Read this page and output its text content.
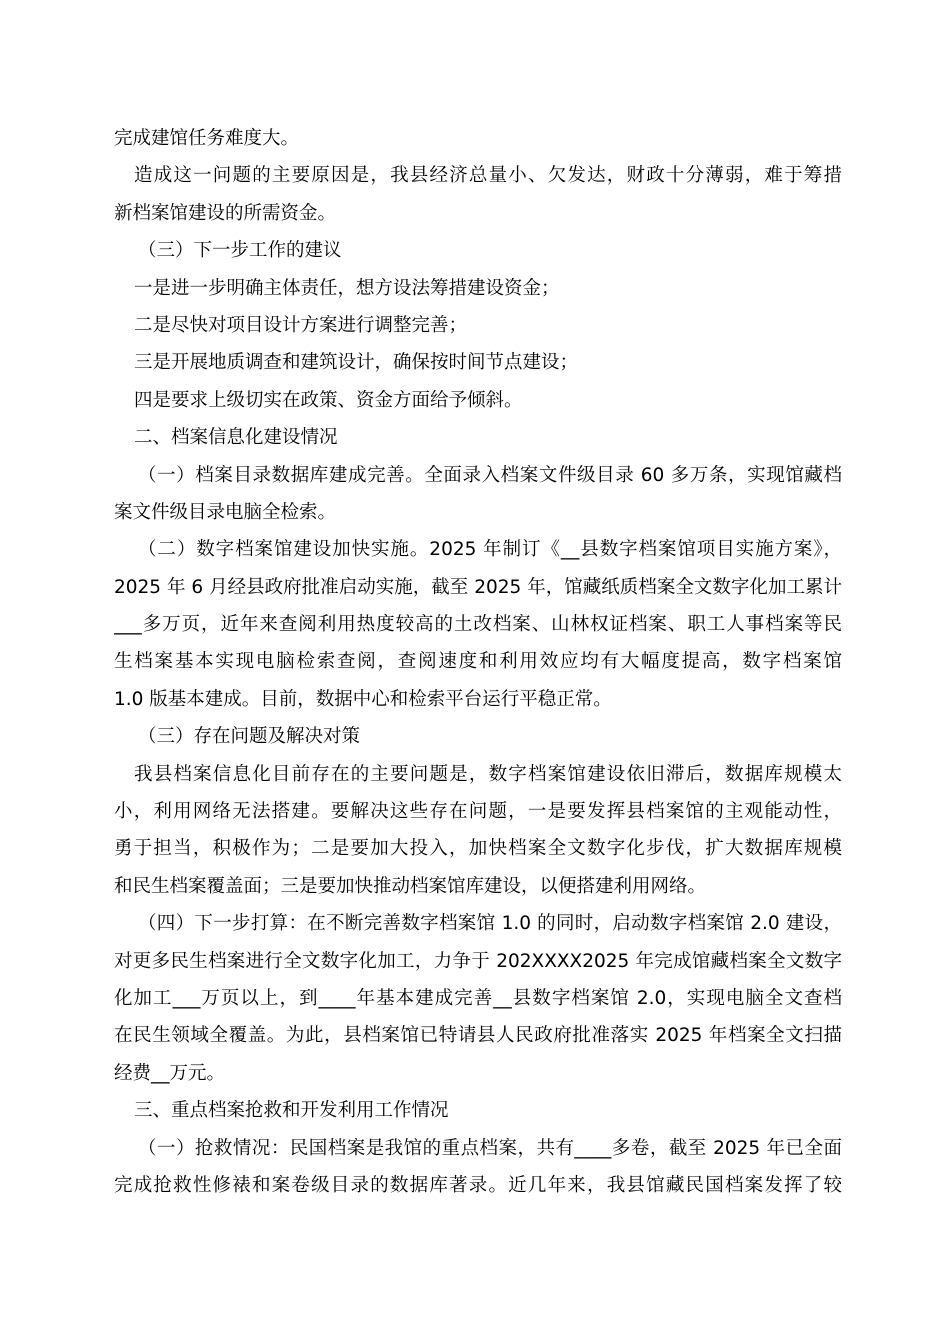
完成建馆任务难度大。
造成这一问题的主要原因是，我县经济总量小、欠发达，财政十分薄弱，难于筹措
新档案馆建设的所需资金。
（三）下一步工作的建议
一是进一步明确主体责任，想方设法筹措建设资金；
二是尽快对项目设计方案进行调整完善；
三是开展地质调查和建筑设计，确保按时间节点建设；
四是要求上级切实在政策、资金方面给予倾斜。
二、档案信息化建设情况
（一）档案目录数据库建成完善。全面录入档案文件级目录 60 多万条，实现馆藏档
案文件级目录电脑全检索。
（二）数字档案馆建设加快实施。2025 年制订《__县数字档案馆项目实施方案》，
2025 年 6 月经县政府批准启动实施，截至 2025 年，馆藏纸质档案全文数字化加工累计
___多万页，近年来查阅利用热度较高的土改档案、山林权证档案、职工人事档案等民
生档案基本实现电脑检索查阅，查阅速度和利用效应均有大幅度提高，数字档案馆
1.0 版基本建成。目前，数据中心和检索平台运行平稳正常。
（三）存在问题及解决对策
我县档案信息化目前存在的主要问题是，数字档案馆建设依旧滞后，数据库规模太
小，利用网络无法搭建。要解决这些存在问题，一是要发挥县档案馆的主观能动性，
勇于担当，积极作为；二是要加大投入，加快档案全文数字化步伐，扩大数据库规模
和民生档案覆盖面；三是要加快推动档案馆库建设，以便搭建利用网络。
（四）下一步打算：在不断完善数字档案馆 1.0 的同时，启动数字档案馆 2.0 建设，
对更多民生档案进行全文数字化加工，力争于 202XXXX2025 年完成馆藏档案全文数字
化加工___万页以上，到____年基本建成完善__县数字档案馆 2.0，实现电脑全文查档
在民生领域全覆盖。为此，县档案馆已特请县人民政府批准落实 2025 年档案全文扫描
经费__万元。
三、重点档案抢救和开发利用工作情况
（一）抢救情况：民国档案是我馆的重点档案，共有____多卷，截至 2025 年已全面
完成抢救性修裱和案卷级目录的数据库著录。近几年来，我县馆藏民国档案发挥了较
